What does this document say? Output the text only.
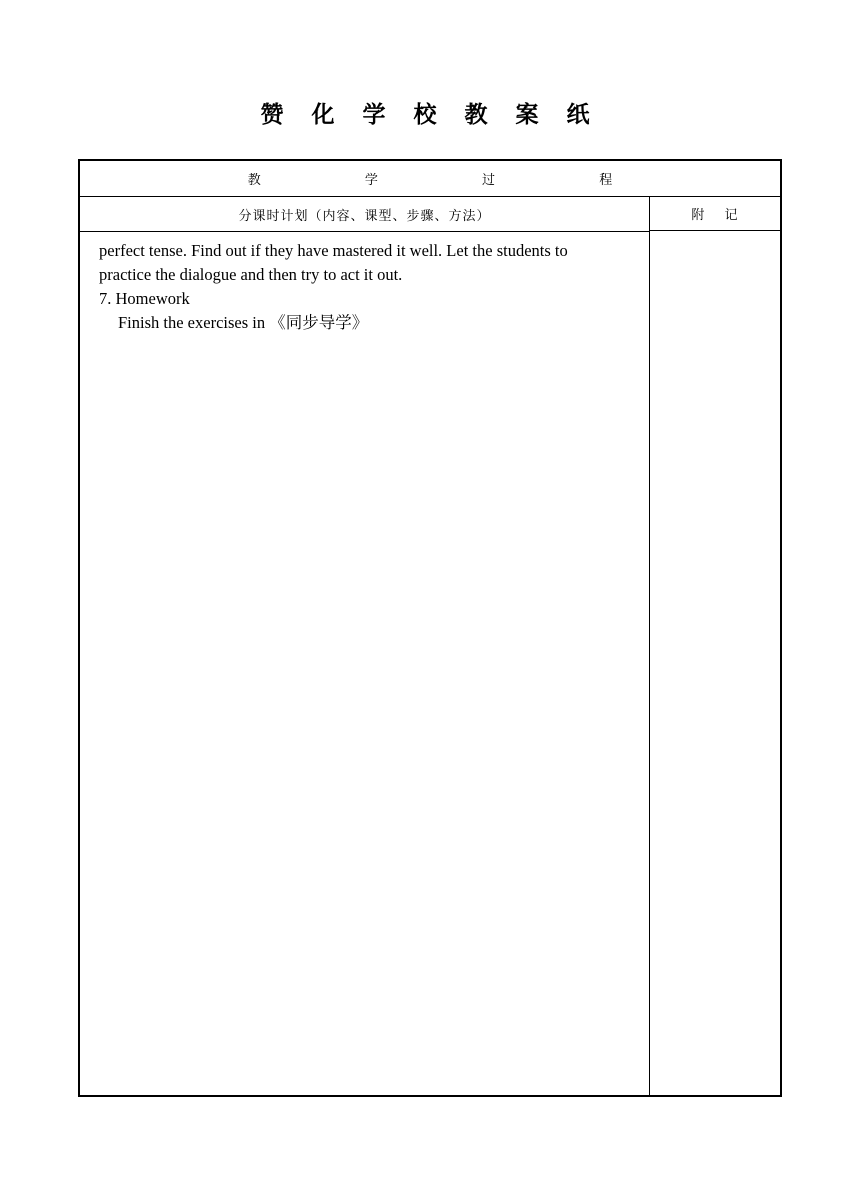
赞 化 学 校 教 案 纸
教 学 过 程
分课时计划（内容、课型、步骤、方法）	附 记

perfect tense. Find out if they have mastered it well. Let the students to

practice the dialogue and then try to act it out.

7. Homework

Finish the exercises in 《同步导学》
